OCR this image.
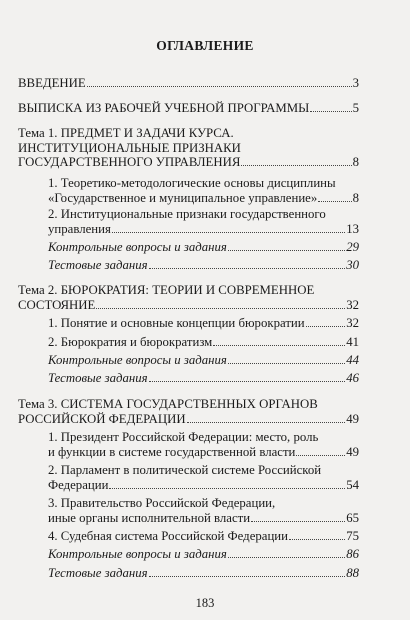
ОГЛАВЛЕНИЕ
ВВЕДЕНИЕ	3
ВЫПИСКА ИЗ РАБОЧЕЙ УЧЕБНОЙ ПРОГРАММЫ	5
Тема 1. ПРЕДМЕТ И ЗАДАЧИ КУРСА.
ИНСТИТУЦИОНАЛЬНЫЕ ПРИЗНАКИ
ГОСУДАРСТВЕННОГО УПРАВЛЕНИЯ	8
1. Теоретико-методологические основы дисциплины
«Государственное и муниципальное управление»	8
2. Институциональные признаки государственного
управления	13
Контрольные вопросы и задания	29
Тестовые задания	30
Тема 2. БЮРОКРАТИЯ: ТЕОРИИ И СОВРЕМЕННОЕ
СОСТОЯНИЕ	32
1. Понятие и основные концепции бюрократии	32
2. Бюрократия и бюрократизм	41
Контрольные вопросы и задания	44
Тестовые задания	46
Тема 3. СИСТЕМА ГОСУДАРСТВЕННЫХ ОРГАНОВ
РОССИЙСКОЙ ФЕДЕРАЦИИ	49
1. Президент Российской Федерации: место, роль
и функции в системе государственной власти	49
2. Парламент в политической системе Российской
Федерации	54
3. Правительство Российской Федерации,
иные органы исполнительной власти	65
4. Судебная система Российской Федерации	75
Контрольные вопросы и задания	86
Тестовые задания	88
183
